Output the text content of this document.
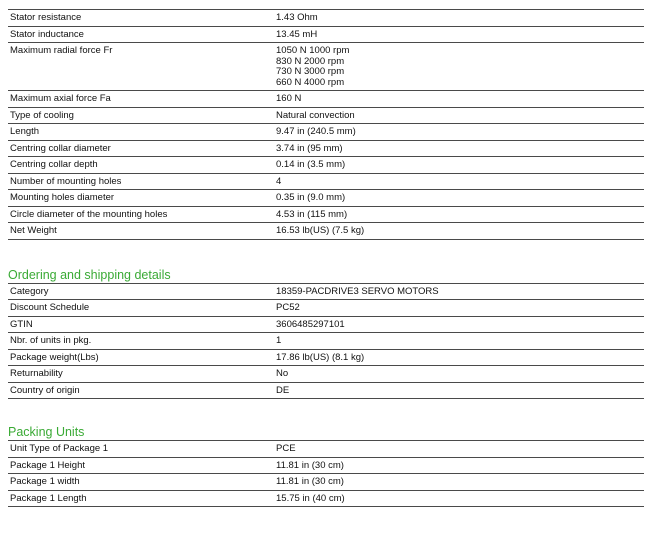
Stator resistance	1.43 Ohm
Stator inductance	13.45 mH
Maximum radial force Fr	1050 N 1000 rpm
830 N 2000 rpm
730 N 3000 rpm
660 N 4000 rpm
Maximum axial force Fa	160 N
Type of cooling	Natural convection
Length	9.47 in (240.5 mm)
Centring collar diameter	3.74 in (95 mm)
Centring collar depth	0.14 in (3.5 mm)
Number of mounting holes	4
Mounting holes diameter	0.35 in (9.0 mm)
Circle diameter of the mounting holes	4.53 in (115 mm)
Net Weight	16.53 lb(US) (7.5 kg)
Ordering and shipping details
Category	18359-PACDRIVE3 SERVO MOTORS
Discount Schedule	PC52
GTIN	3606485297101
Nbr. of units in pkg.	1
Package weight(Lbs)	17.86 lb(US) (8.1 kg)
Returnability	No
Country of origin	DE
Packing Units
Unit Type of Package 1	PCE
Package 1 Height	11.81 in (30 cm)
Package 1 width	11.81 in (30 cm)
Package 1 Length	15.75 in (40 cm)
